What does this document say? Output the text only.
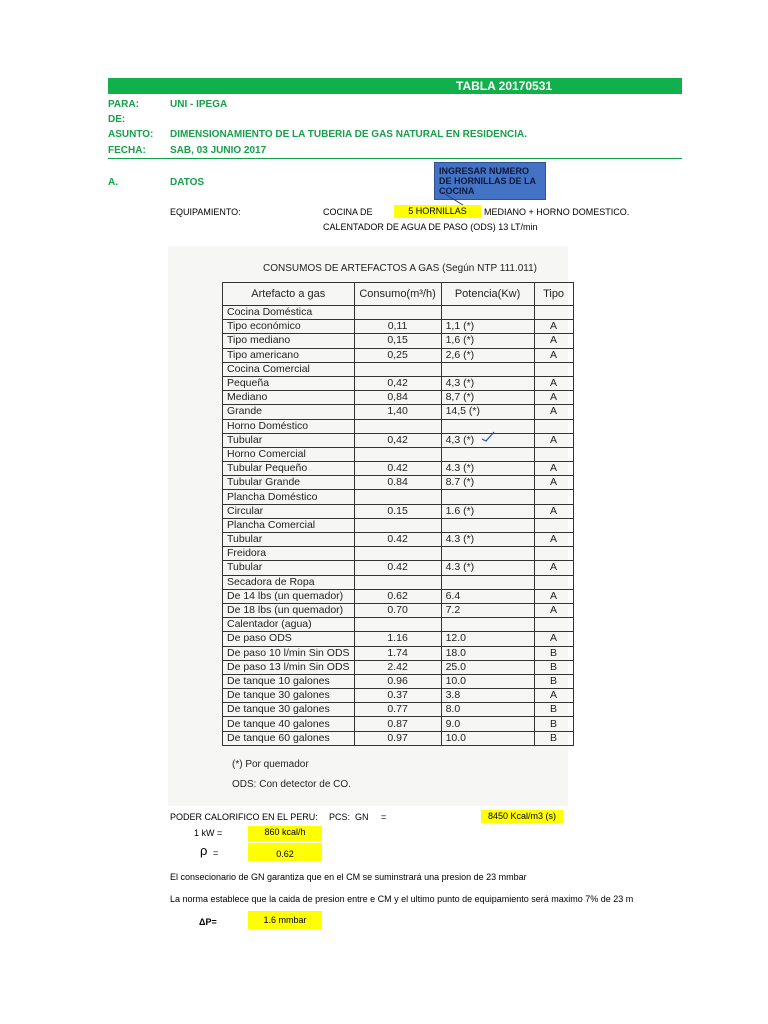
TABLA 20170531
PARA:	UNI - IPEGA
DE:
ASUNTO: DIMENSIONAMIENTO DE LA TUBERIA DE GAS NATURAL EN RESIDENCIA.
FECHA: SAB, 03 JUNIO 2017
A.	DATOS
INGRESAR NUMERO DE HORNILLAS DE LA COCINA
EQUIPAMIENTO:	COCINA DE	5 HORNILLAS	MEDIANO + HORNO DOMESTICO.
CALENTADOR DE AGUA DE PASO (ODS) 13 LT/min
CONSUMOS DE ARTEFACTOS A GAS (Según NTP 111.011)
Artefacto a gas	Consumo(m³/h)	Potencia(Kw)	Tipo
Cocina Doméstica			
Tipo económico	0,11	1,1 (*)	A
Tipo mediano	0,15	1,6 (*)	A
Tipo americano	0,25	2,6 (*)	A
Cocina Comercial			
Pequeña	0,42	4,3 (*)	A
Mediano	0,84	8,7 (*)	A
Grande	1,40	14,5 (*)	A
Horno Doméstico			
Tubular	0,42	4,3 (*)	A
Horno Comercial			
Tubular Pequeño	0.42	4.3 (*)	A
Tubular Grande	0.84	8.7 (*)	A
Plancha Doméstico			
Circular	0.15	1.6 (*)	A
Plancha Comercial			
Tubular	0.42	4.3 (*)	A
Freidora			
Tubular	0.42	4.3 (*)	A
Secadora de Ropa			
De 14 lbs (un quemador)	0.62	6.4	A
De 18 lbs (un quemador)	0.70	7.2	A
Calentador (agua)			
De paso ODS	1.16	12.0	A
De paso 10 l/min Sin ODS	1.74	18.0	B
De paso 13 l/min Sin ODS	2.42	25.0	B
De tanque 10 galones	0.96	10.0	B
De tanque 30 galones	0.37	3.8	A
De tanque 30 galones	0.77	8.0	B
De tanque 40 galones	0.87	9.0	B
De tanque 60 galones	0.97	10.0	B
(*) Por quemador
ODS: Con detector de CO.
PODER CALORIFICO EN EL PERU: PCS: GN =	8450 Kcal/m3 (s)
1 kW =	860 kcal/h
ρ =	0.62
El consecionario de GN garantiza que en el CM se suminstrará una presion de 23 mmbar
La norma establece que la caida de presion entre e CM y el ultimo punto de equipamiento será maximo 7% de 23 m
ΔP=	1.6 mmbar
